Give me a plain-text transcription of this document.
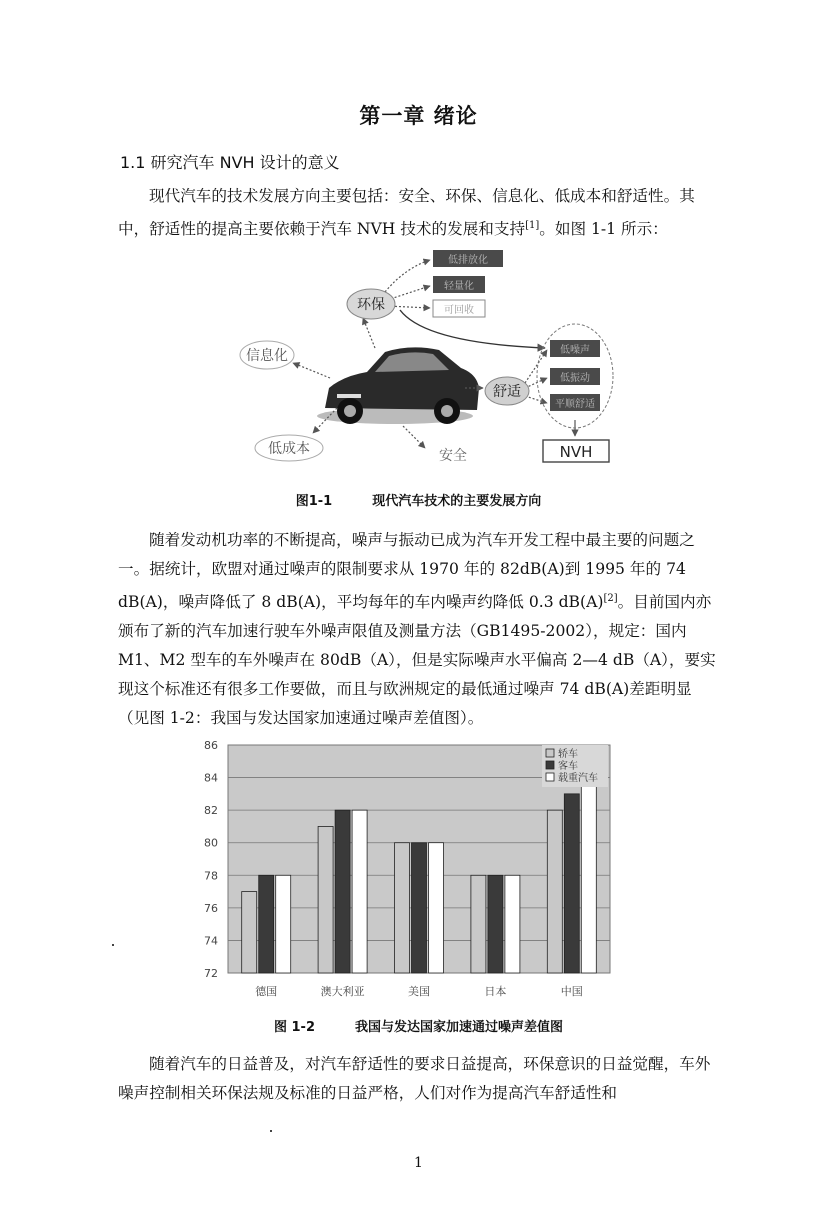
第一章 绪论
1.1 研究汽车 NVH 设计的意义
现代汽车的技术发展方向主要包括：安全、环保、信息化、低成本和舒适性。其中，舒适性的提高主要依赖于汽车 NVH 技术的发展和支持[1]。如图 1-1 所示：
环保
低排放化
轻量化
可回收
信息化
舒适
低噪声
低振动
平顺舒适
低成本	安全	NVH
图1-1	现代汽车技术的主要发展方向
随着发动机功率的不断提高，噪声与振动已成为汽车开发工程中最主要的问题之一。据统计，欧盟对通过噪声的限制要求从 1970 年的 82dB(A)到 1995 年的 74 dB(A)，噪声降低了 8 dB(A)，平均每年的车内噪声约降低 0.3 dB(A)[2]。目前国内亦颁布了新的汽车加速行驶车外噪声限值及测量方法（GB1495-2002），规定：国内 M1、M2 型车的车外噪声在 80dB（A），但是实际噪声水平偏高 2—4 dB（A），要实现这个标准还有很多工作要做，而且与欧洲规定的最低通过噪声 74 dB(A)差距明显（见图 1-2：我国与发达国家加速通过噪声差值图）。
72
74
76
78
80
82
84
86
德国	澳大利亚	美国	日本	中国
轿车
客车
载重汽车
图 1-2	我国与发达国家加速通过噪声差值图
随着汽车的日益普及，对汽车舒适性的要求日益提高，环保意识的日益觉醒，车外噪声控制相关环保法规及标准的日益严格，人们对作为提高汽车舒适性和
1
